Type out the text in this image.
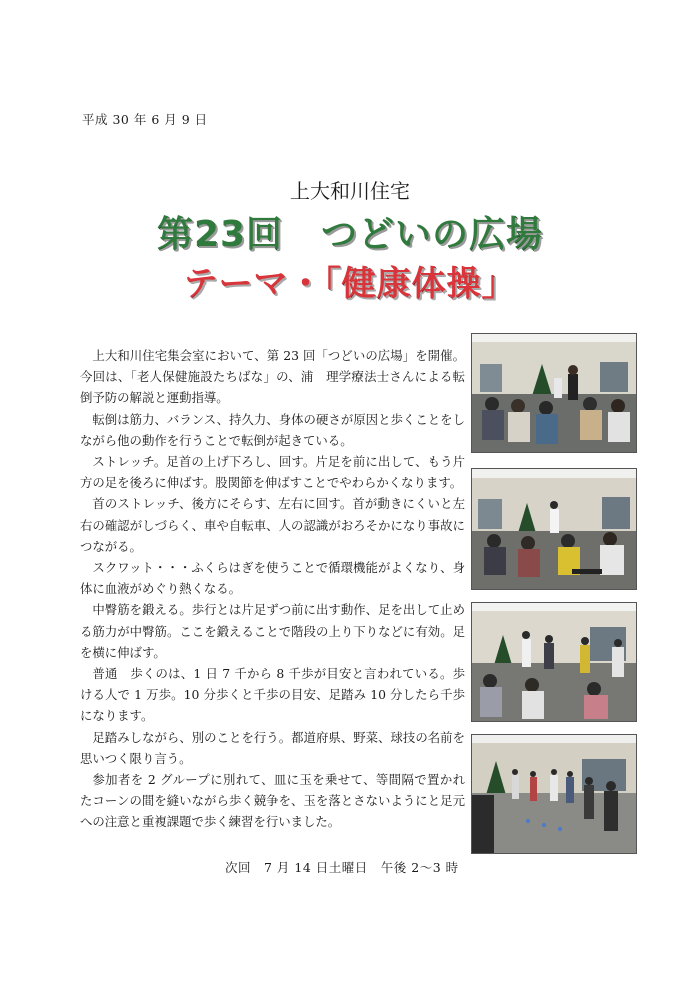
平成 30 年 6 月 9 日
上大和川住宅
第23回 つどいの広場
テーマ・「健康体操」

上大和川住宅集会室において、第 23 回「つどいの広場」を開催。今回は、「老人保健施設たちばな」の、浦　理学療法士さんによる転倒予防の解説と運動指導。

転倒は筋力、バランス、持久力、身体の硬さが原因と歩くことをしながら他の動作を行うことで転倒が起きている。

ストレッチ。足首の上げ下ろし、回す。片足を前に出して、もう片方の足を後ろに伸ばす。股関節を伸ばすことでやわらかくなります。

首のストレッチ、後方にそらす、左右に回す。首が動きにくいと左右の確認がしづらく、車や自転車、人の認識がおろそかになり事故につながる。

スクワット・・・ふくらはぎを使うことで循環機能がよくなり、身体に血液がめぐり熱くなる。

中臀筋を鍛える。歩行とは片足ずつ前に出す動作、足を出して止める筋力が中臀筋。ここを鍛えることで階段の上り下りなどに有効。足を横に伸ばす。

普通　歩くのは、1 日 7 千から 8 千歩が目安と言われている。歩ける人で 1 万歩。10 分歩くと千歩の目安、足踏み 10 分したら千歩になります。

足踏みしながら、別のことを行う。都道府県、野菜、球技の名前を思いつく限り言う。

参加者を 2 グループに別れて、皿に玉を乗せて、等間隔で置かれたコーンの間を縫いながら歩く競争を、玉を落とさないようにと足元への注意と重複課題で歩く練習を行いました。

次回　7 月 14 日土曜日　午後 2～3 時
